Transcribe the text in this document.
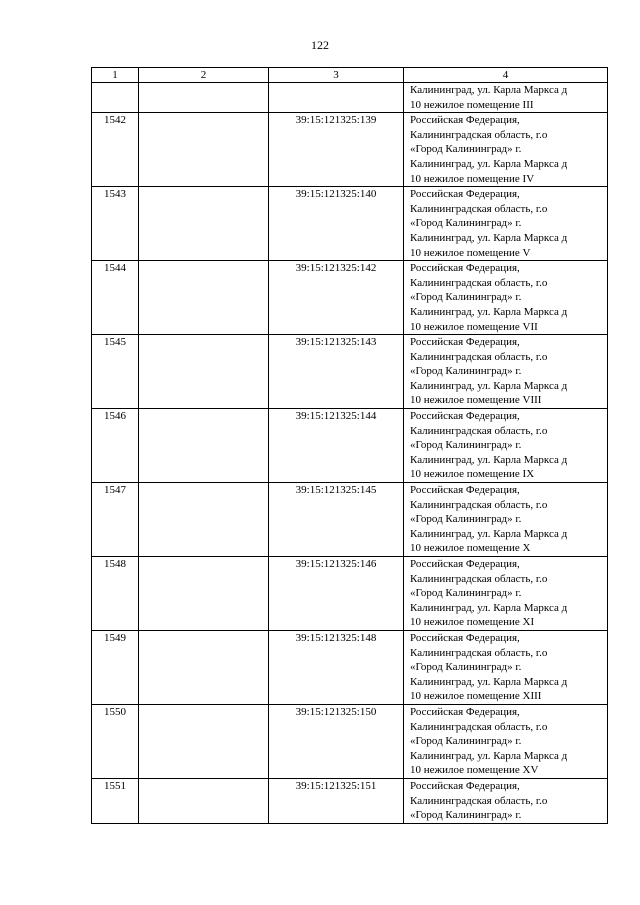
122
1	2	3	4

			Калининград, ул. Карла Маркса д
10 нежилое помещение III

1542		39:15:121325:139	Российская Федерация,
Калининградская область, г.о
«Город Калининград» г.
Калининград, ул. Карла Маркса д
10 нежилое помещение IV

1543		39:15:121325:140	Российская Федерация,
Калининградская область, г.о
«Город Калининград» г.
Калининград, ул. Карла Маркса д
10 нежилое помещение V

1544		39:15:121325:142	Российская Федерация,
Калининградская область, г.о
«Город Калининград» г.
Калининград, ул. Карла Маркса д
10 нежилое помещение VII

1545		39:15:121325:143	Российская Федерация,
Калининградская область, г.о
«Город Калининград» г.
Калининград, ул. Карла Маркса д
10 нежилое помещение VIII

1546		39:15:121325:144	Российская Федерация,
Калининградская область, г.о
«Город Калининград» г.
Калининград, ул. Карла Маркса д
10 нежилое помещение IX

1547		39:15:121325:145	Российская Федерация,
Калининградская область, г.о
«Город Калининград» г.
Калининград, ул. Карла Маркса д
10 нежилое помещение X

1548		39:15:121325:146	Российская Федерация,
Калининградская область, г.о
«Город Калининград» г.
Калининград, ул. Карла Маркса д
10 нежилое помещение XI

1549		39:15:121325:148	Российская Федерация,
Калининградская область, г.о
«Город Калининград» г.
Калининград, ул. Карла Маркса д
10 нежилое помещение XIII

1550		39:15:121325:150	Российская Федерация,
Калининградская область, г.о
«Город Калининград» г.
Калининград, ул. Карла Маркса д
10 нежилое помещение XV

1551		39:15:121325:151	Российская Федерация,
Калининградская область, г.о
«Город Калининград» г.
